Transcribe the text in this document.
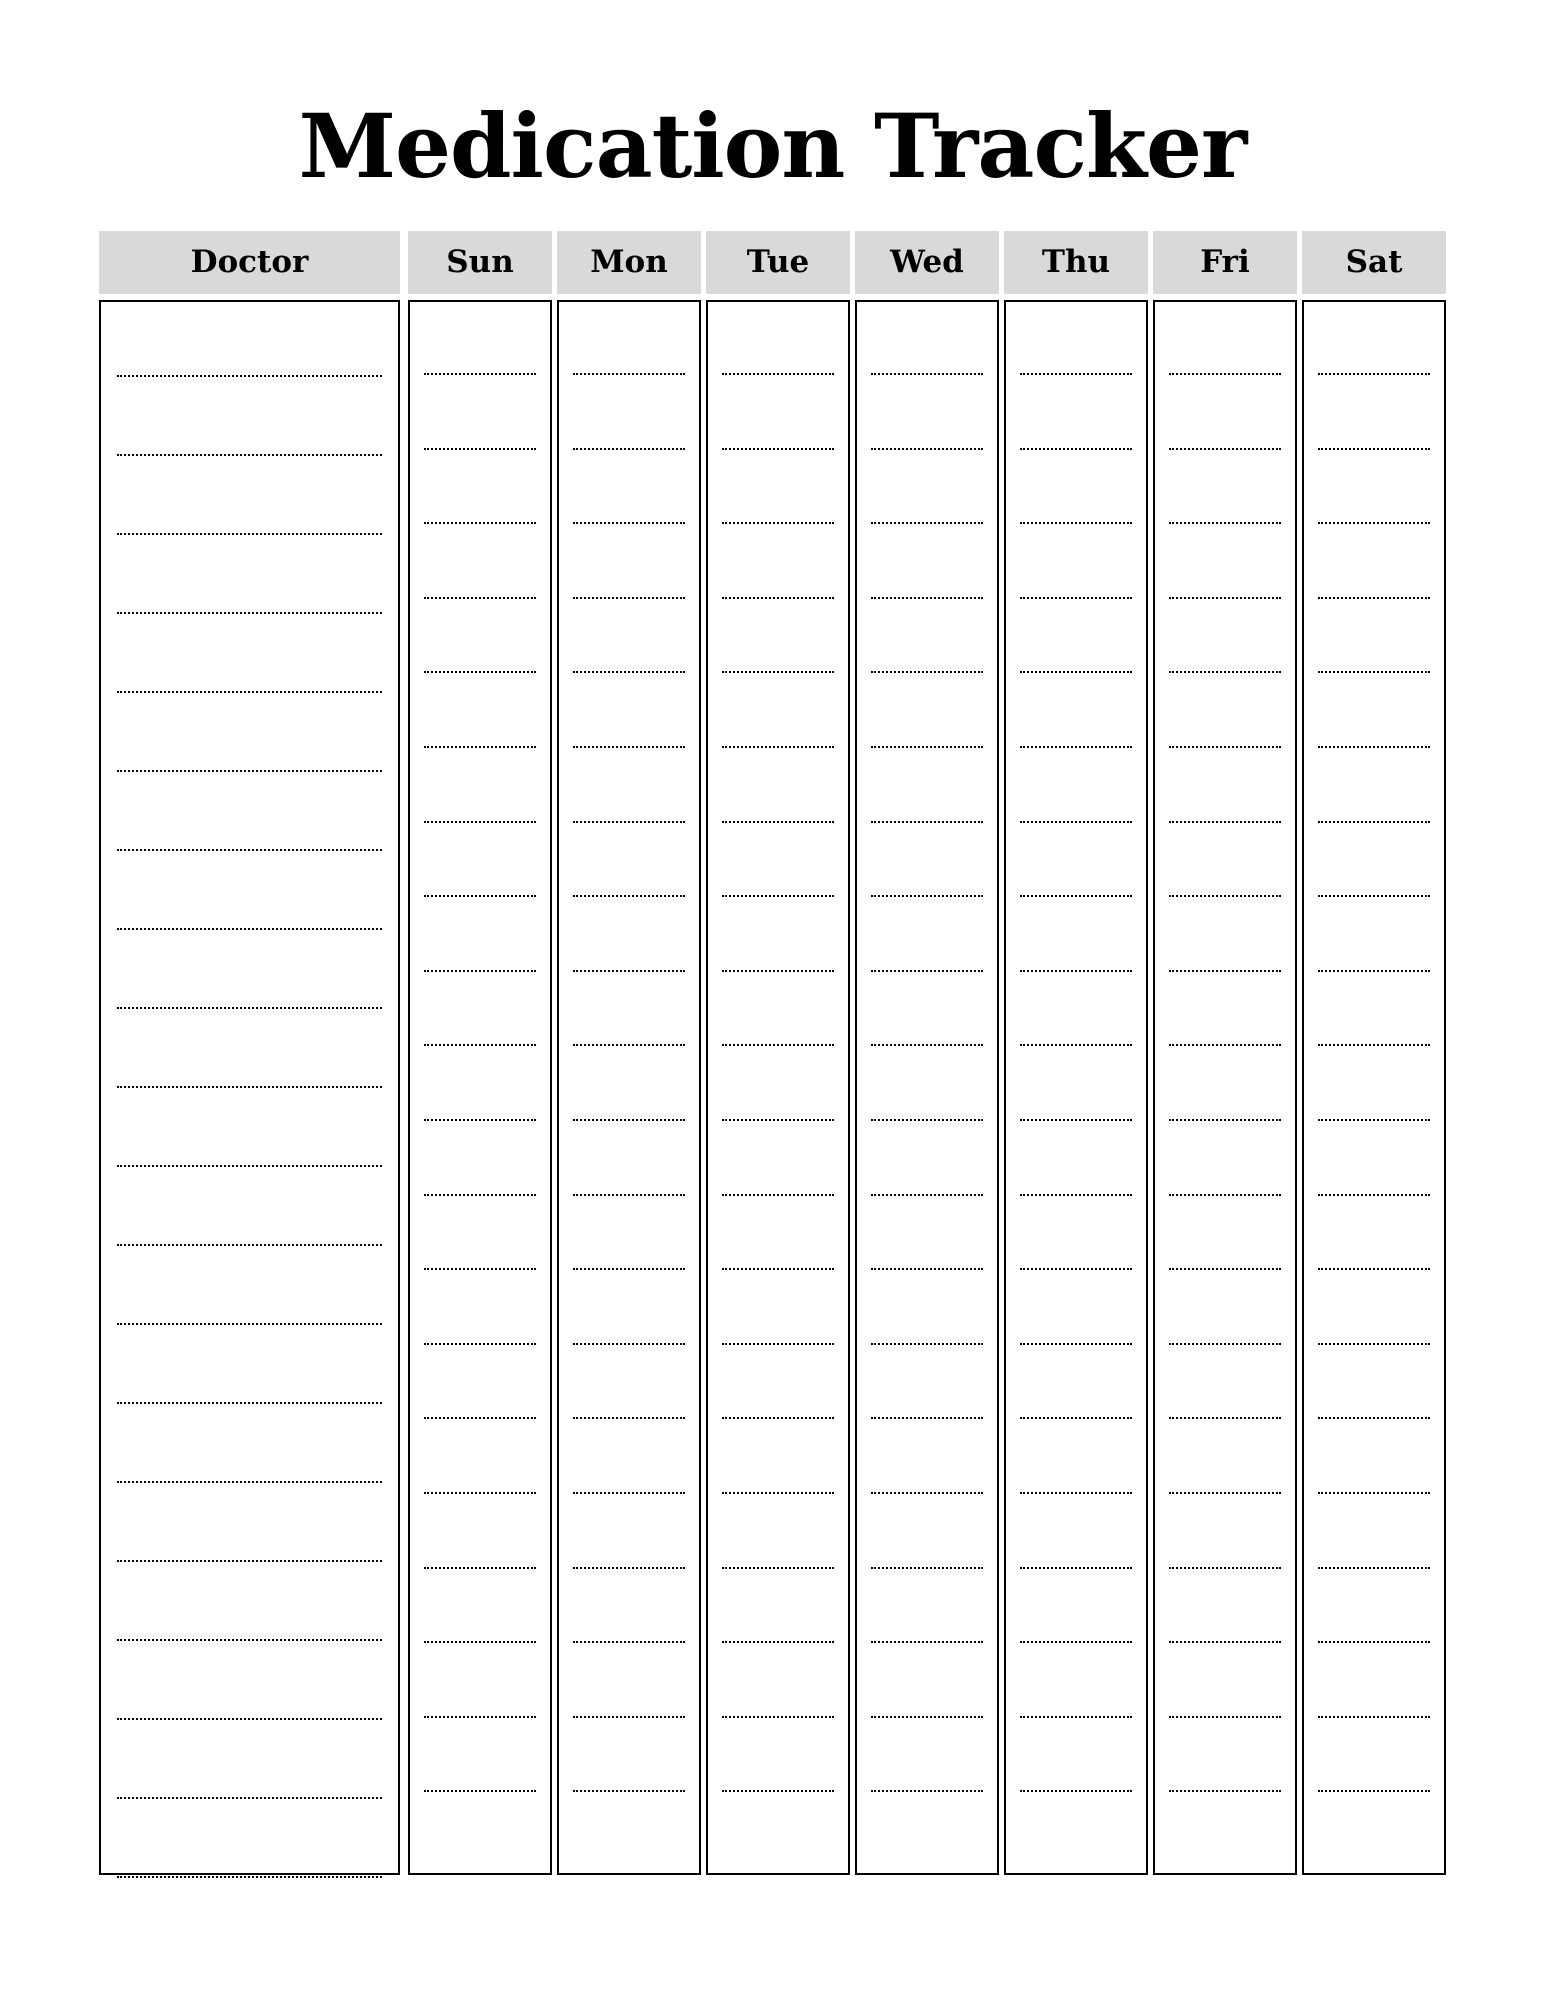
Medication Tracker
Doctor	Sun	Mon	Tue	Wed	Thu	Fri	Sat
